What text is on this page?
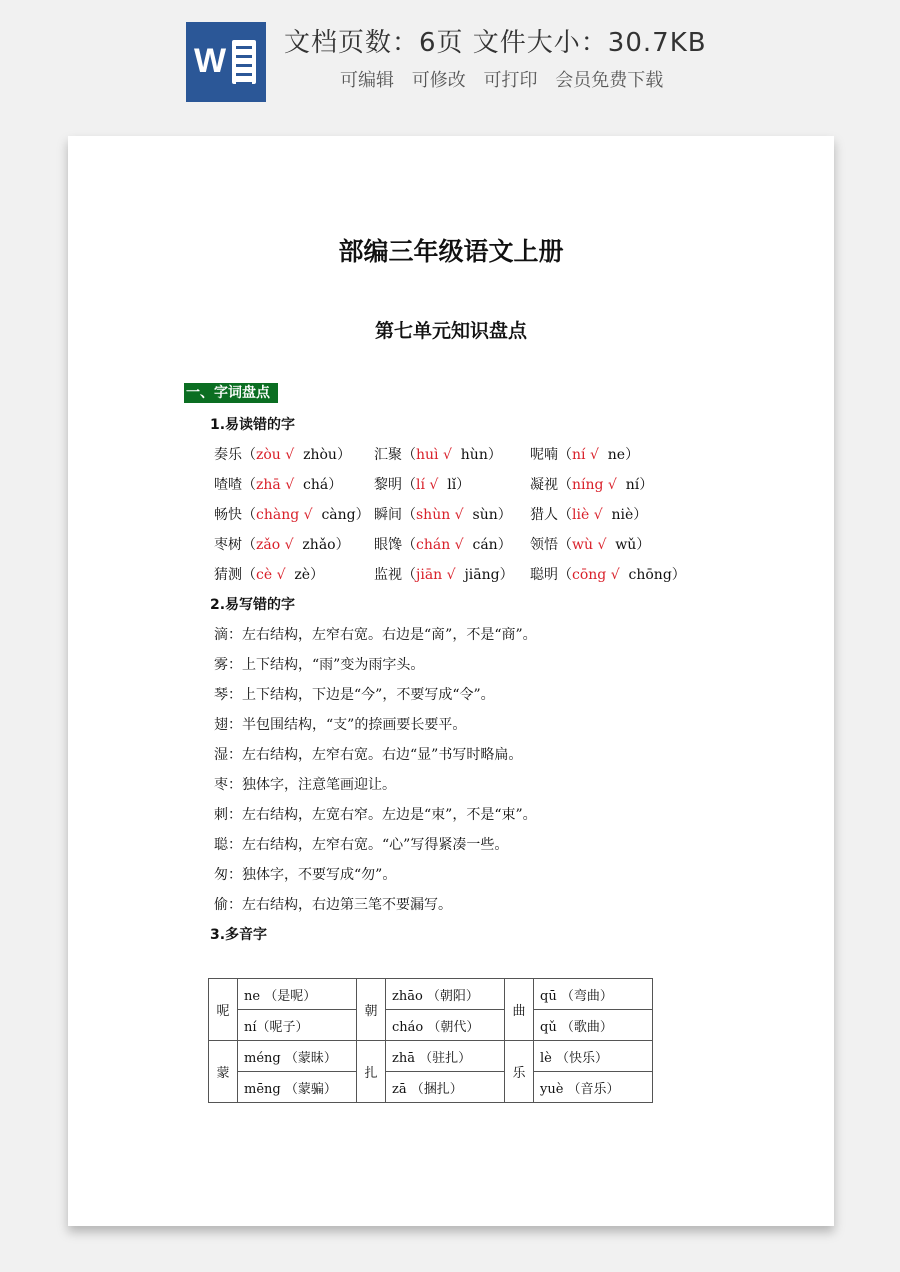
W 文档页数：6页 文件大小：30.7KB
可编辑 可修改 可打印 会员免费下载
部编三年级语文上册
第七单元知识盘点
一、字词盘点
1.易读错的字
奏乐（zòu √  zhòu） 汇聚（huì √  hùn） 呢喃（ní √  ne）
喳喳（zhā √  chá） 黎明（lí √  lǐ）	凝视（níng √  ní）
畅快（chàng √  càng） 瞬间（shùn √  sùn） 猎人（liè √  niè）
枣树（zǎo √  zhǎo） 眼馋（chán √  cán） 领悟（wù √  wǔ）
猜测（cè √  zè）	监视（jiān √  jiāng） 聪明（cōng √  chōng）
2.易写错的字
滴：左右结构，左窄右宽。右边是“啇”，不是“商”。
雾：上下结构，“雨”变为雨字头。
琴：上下结构，下边是“今”，不要写成“令”。
翅：半包围结构，“支”的捺画要长要平。
湿：左右结构，左窄右宽。右边“显”书写时略扁。
枣：独体字，注意笔画迎让。
刺：左右结构，左宽右窄。左边是“朿”，不是“束”。
聪：左右结构，左窄右宽。“心”写得紧凑一些。
匆：独体字，不要写成“勿”。
偷：左右结构，右边第三笔不要漏写。
3.多音字
呢	ne （是呢）	朝	zhāo （朝阳）	曲	qū （弯曲）
	ní（呢子）		cháo （朝代）		qǔ （歌曲）
蒙	méng （蒙昧）	扎	zhā （驻扎）	乐	lè （快乐）
	mēng （蒙骗）		zā （捆扎）		yuè （音乐）
